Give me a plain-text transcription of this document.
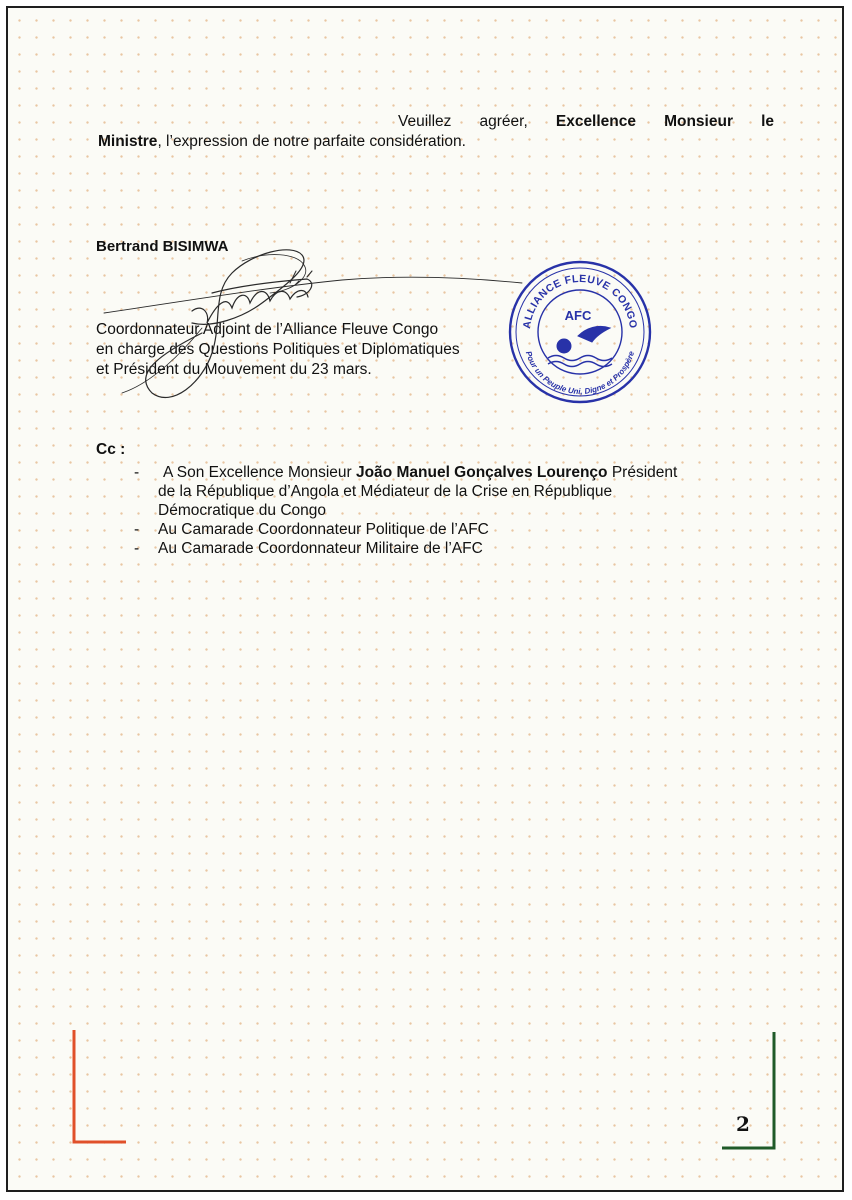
Veuillez agréer, Excellence Monsieur le
Ministre, l’expression de notre parfaite considération.
Bertrand BISIMWA
Coordonnateur Adjoint de l’Alliance Fleuve Congo
en charge des Questions Politiques et Diplomatiques
et Président du Mouvement du 23 mars.
ALLIANCE FLEUVE CONGO
Pour un Peuple Uni, Digne et Prospère
AFC
Cc :
- A Son Excellence Monsieur João Manuel Gonçalves Lourenço Président
de la République d’Angola et Médiateur de la Crise en République
Démocratique du Congo
- Au Camarade Coordonnateur Politique de l’AFC
- Au Camarade Coordonnateur Militaire de l’AFC
2
